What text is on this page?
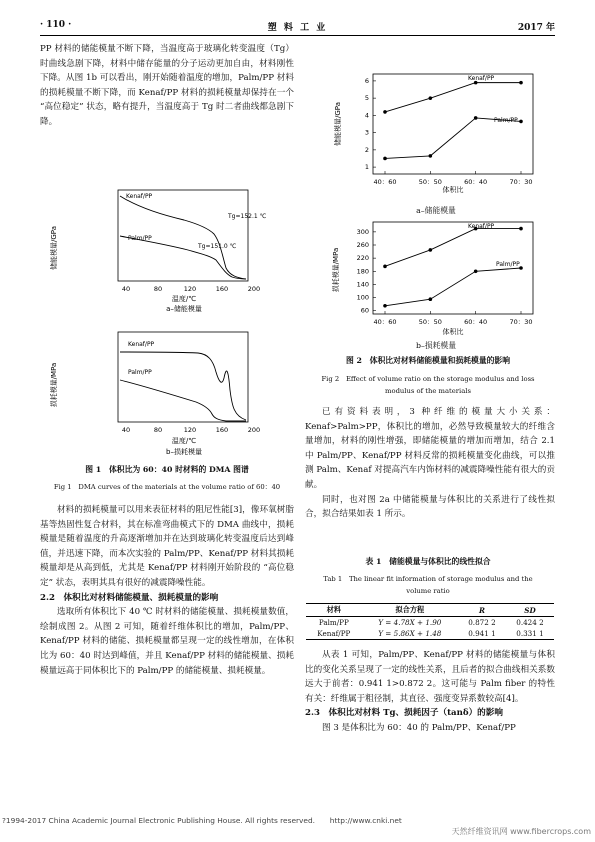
· 110 ·	塑 料 工 业	2017 年

PP 材料的储能模量不断下降，当温度高于玻璃化转变温度（Tg）时曲线急剧下降，材料中储存能量的分子运动更加自由，材料刚性下降。从图 1b 可以看出，刚开始随着温度的增加，Palm/PP 材料的损耗模量不断下降，而 Kenaf/PP 材料的损耗模量却保持在一个 “高位稳定” 状态，略有提升，当温度高于 Tg 时二者曲线都急剧下降。

储能模量/GPa
Kenaf/PP
Palm/PP
Tg=152.1 ℃
Tg=151.0 ℃
40	80	120	160	200
温度/℃
a–储能模量
损耗模量/MPa
Kenaf/PP
Palm/PP
40	80	120	160	200
温度/℃
b–损耗模量
图 1　体积比为 60：40 时材料的 DMA 图谱
Fig 1　DMA curves of the materials at the volume ratio of 60：40

材料的损耗模量可以用来表征材料的阻尼性能[3]，像环氧树脂基等热固性复合材料，其在标准弯曲模式下的 DMA 曲线中，损耗模量是随着温度的升高逐渐增加并在达到玻璃化转变温度后达到峰值，并迅速下降，而本次实验的 Palm/PP、Kenaf/PP 材料其损耗模量却是从高到低，尤其是 Kenaf/PP 材料刚开始阶段的 “高位稳定” 状态，表明其具有很好的减震降噪性能。

2.2　体积比对材料储能模量、损耗模量的影响

选取所有体积比下 40 ℃ 时材料的储能模量、损耗模量数值，绘制成图 2。从图 2 可知，随着纤维体积比的增加，Palm/PP、Kenaf/PP 材料的储能、损耗模量都呈现一定的线性增加，在体积比为 60：40 时达到峰值，并且 Kenaf/PP 材料的储能模量、损耗模量远高于同体积比下的 Palm/PP 的储能模量、损耗模量。

储能模量/GPa
1
2
3
4
5
6
40：60	50：50	60：40	70：30
Kenaf/PP
Palm/PP
体积比
a–储能模量
损耗模量/MPa
60
100
140
180
220
260
300
40：60	50：50	60：40	70：30
Kenaf/PP
Palm/PP
体积比
b–损耗模量
图 2　体积比对材料储能模量和损耗模量的影响
Fig 2　Effect of volume ratio on the storage modulus and loss
modulus of the materials

已有资料表明，3 种纤维的模量大小关系：Kenaf>Palm>PP，体积比的增加，必然导致模量较大的纤维含量增加，材料的刚性增强，即储能模量的增加而增加，结合 2.1 中 Palm/PP、Kenaf/PP 材料反常的损耗模量变化曲线，可以推测 Palm、Kenaf 对提高汽车内饰材料的减震降噪性能有很大的贡献。

同时，也对图 2a 中储能模量与体积比的关系进行了线性拟合，拟合结果如表 1 所示。

表 1　储能模量与体积比的线性拟合
Tab 1　The linear fit information of storage modulus and the
volume ratio
材料	拟合方程	R	SD
Palm/PP	Y = 4.78X + 1.90	0.872 2	0.424 2
Kenaf/PP	Y = 5.86X + 1.48	0.941 1	0.331 1

从表 1 可知，Palm/PP、Kenaf/PP 材料的储能模量与体积比的变化关系呈现了一定的线性关系，且后者的拟合曲线相关系数远大于前者：0.941 1>0.872 2。这可能与 Palm fiber 的特性有关：纤维属于粗径制，其直径、强度变异系数较高[4]。

2.3　体积比对材料 Tg、损耗因子（tanδ）的影响

图 3 是体积比为 60：40 的 Palm/PP、Kenaf/PP

?1994-2017 China Academic Journal Electronic Publishing House. All rights reserved.　　http://www.cnki.net
天然纤维资讯网 www.fibercrops.com
